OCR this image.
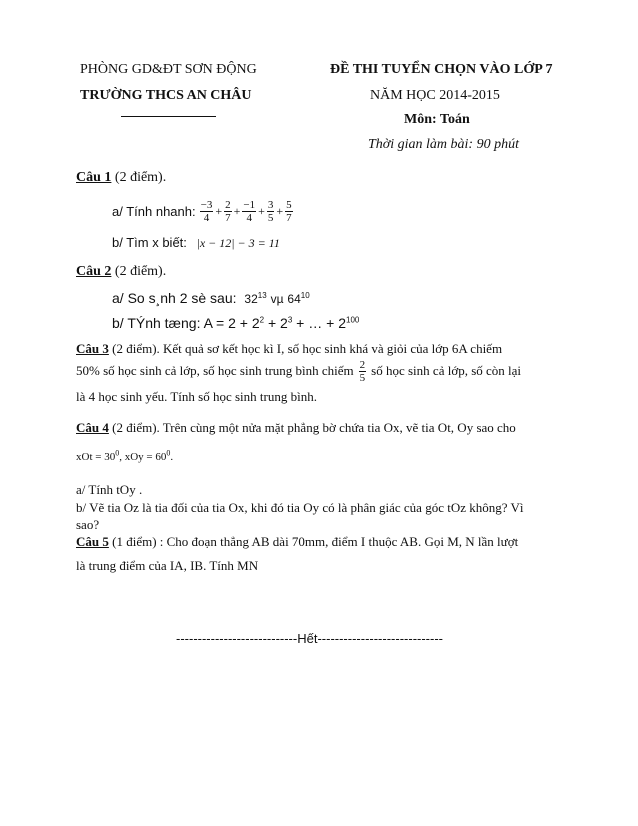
PHÒNG GD&ĐT SƠN ĐỘNG
TRƯỜNG THCS AN CHÂU
ĐỀ THI TUYỂN CHỌN VÀO LỚP 7
NĂM HỌC 2014-2015
Môn: Toán
Thời gian làm bài: 90 phút
Câu 1 (2 điểm).
a/ Tính nhanh: $\frac{-3}{4} + \frac{2}{7} + \frac{-1}{4} + \frac{3}{5} + \frac{5}{7}$
b/ Tìm x biết: |x − 12| − 3 = 11
Câu 2 (2 điểm).
a/ So s¸nh 2 sè sau: $32^{13}$ vµ $64^{10}$
b/ TÝnh tæng: $A = 2 + 2^2 + 2^3$ + … + $2^{100}$
Câu 3 (2 điểm). Kết quả sơ kết học kì I, số học sinh khá và giỏi của lớp 6A chiếm
50% số học sinh cả lớp, số học sinh trung bình chiếm $\frac{2}{5}$ số học sinh cả lớp, số còn lại
là 4 học sinh yếu. Tính số học sinh trung bình.
Câu 4 (2 điểm). Trên cùng một nửa mặt phẳng bờ chứa tia Ox, vẽ tia Ot, Oy sao cho
xOt = $30^0$, xOy = $60^0$.
a/ Tính tOy .
b/ Vẽ tia Oz là tia đối của tia Ox, khi đó tia Oy có là phân giác của góc tOz không? Vì
sao?
Câu 5 (1 điểm) : Cho đoạn thẳng AB dài 70mm, điểm I thuộc AB. Gọi M, N lần lượt
là trung điểm của IA, IB. Tính MN
----------------------------Hết-----------------------------
